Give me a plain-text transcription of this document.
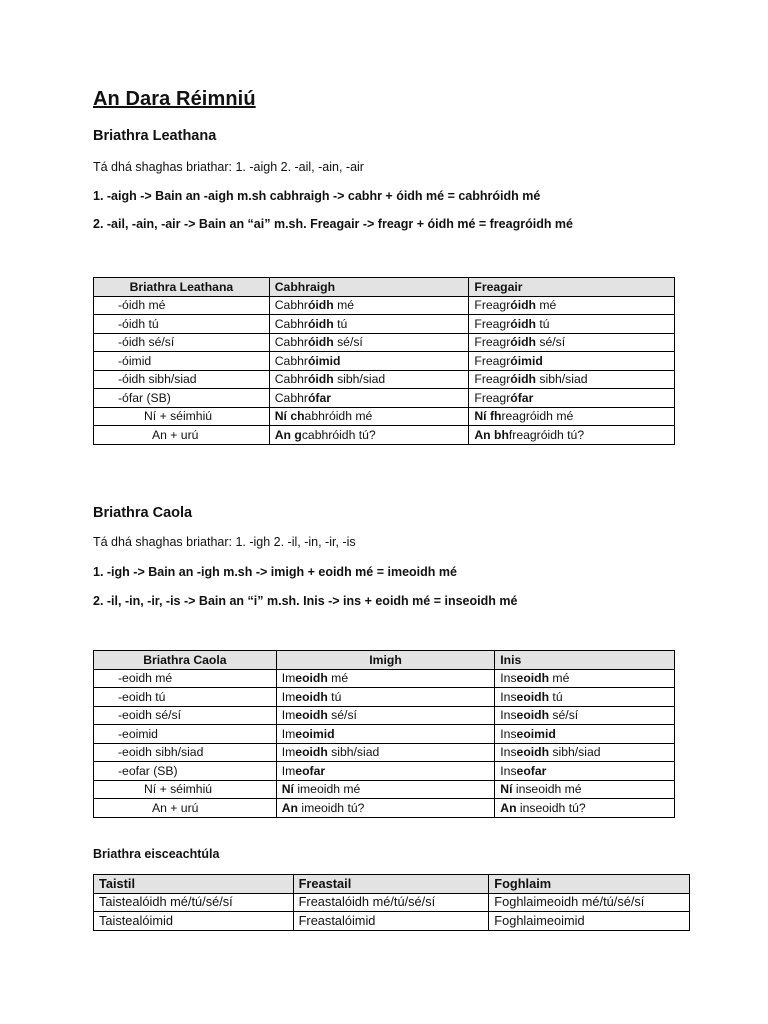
An Dara Réimniú
Briathra Leathana
Tá dhá shaghas briathar: 1. -aigh 2. -ail, -ain, -air
1. -aigh -> Bain an -aigh m.sh cabhraigh -> cabhr + óidh mé = cabhróidh mé
2. -ail, -ain, -air -> Bain an “ai” m.sh. Freagair -> freagr + óidh mé = freagróidh mé
Briathra Leathana	Cabhraigh	Freagair
-óidh mé	Cabhróidh mé	Freagróidh mé
-óidh tú	Cabhróidh tú	Freagróidh tú
-óidh sé/sí	Cabhróidh sé/sí	Freagróidh sé/sí
-óimid	Cabhróimid	Freagróimid
-óidh sibh/siad	Cabhróidh sibh/siad	Freagróidh sibh/siad
-ófar (SB)	Cabhrófar	Freagrófar
Ní + séimhiú	Ní chabhróidh mé	Ní fhreagróidh mé
An + urú	An gcabhróidh tú?	An bhfreagróidh tú?
Briathra Caola
Tá dhá shaghas briathar: 1. -igh 2. -il, -in, -ir, -is
1. -igh -> Bain an -igh m.sh -> imigh + eoidh mé = imeoidh mé
2. -il, -in, -ir, -is -> Bain an “i” m.sh. Inis -> ins + eoidh mé = inseoidh mé
Briathra Caola	Imigh	Inis
-eoidh mé	Imeoidh mé	Inseoidh mé
-eoidh tú	Imeoidh tú	Inseoidh tú
-eoidh sé/sí	Imeoidh sé/sí	Inseoidh sé/sí
-eoimid	Imeoimid	Inseoimid
-eoidh sibh/siad	Imeoidh sibh/siad	Inseoidh sibh/siad
-eofar (SB)	Imeofar	Inseofar
Ní + séimhiú	Ní imeoidh mé	Ní inseoidh mé
An + urú	An imeoidh tú?	An inseoidh tú?
Briathra eisceachtúla
Taistil	Freastail	Foghlaim
Taistealóidh mé/tú/sé/sí	Freastalóidh mé/tú/sé/sí	Foghlaimeoidh mé/tú/sé/sí
Taistealóimid	Freastalóimid	Foghlaimeoimid
